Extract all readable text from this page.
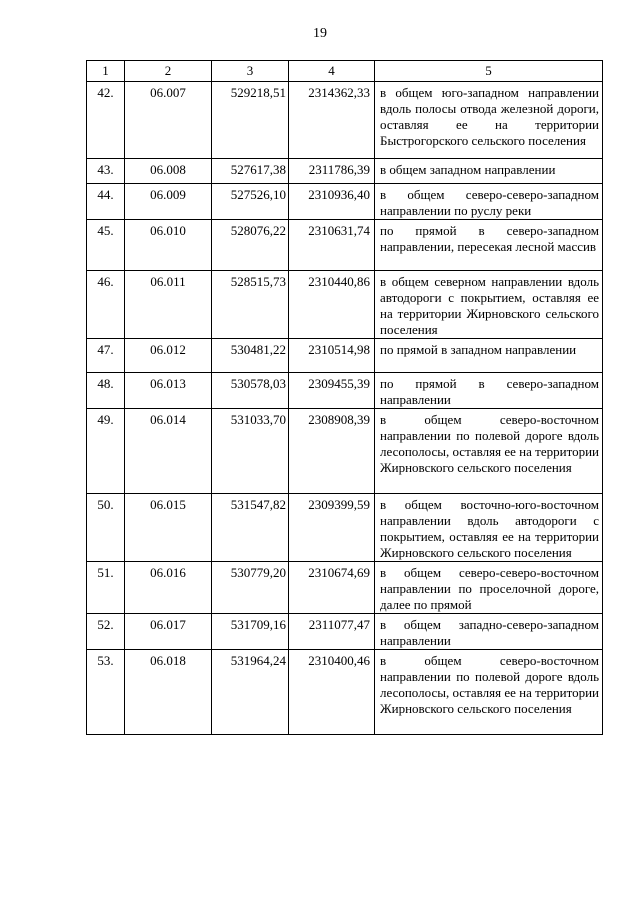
19
1	2	3	4	5
42.	06.007	529218,51	2314362,33	в общем юго-западном направлении вдоль полосы отвода железной дороги, оставляя ее на территории Быстрогорского сельского поселения
43.	06.008	527617,38	2311786,39	в общем западном направлении
44.	06.009	527526,10	2310936,40	в общем северо-северо-западном направлении по руслу реки
45.	06.010	528076,22	2310631,74	по прямой в северо-западном направлении, пересекая лесной массив
46.	06.011	528515,73	2310440,86	в общем северном направлении вдоль автодороги с покрытием, оставляя ее на территории Жирновского сельского поселения
47.	06.012	530481,22	2310514,98	по прямой в западном направлении
48.	06.013	530578,03	2309455,39	по прямой в северо-западном направлении
49.	06.014	531033,70	2308908,39	в общем северо-восточном направлении по полевой дороге вдоль лесополосы, оставляя ее на территории Жирновского сельского поселения
50.	06.015	531547,82	2309399,59	в общем восточно-юго-восточном направлении вдоль автодороги с покрытием, оставляя ее на территории Жирновского сельского поселения
51.	06.016	530779,20	2310674,69	в общем северо-северо-восточном направлении по проселочной дороге, далее по прямой
52.	06.017	531709,16	2311077,47	в общем западно-северо-западном направлении
53.	06.018	531964,24	2310400,46	в общем северо-восточном направлении по полевой дороге вдоль лесополосы, оставляя ее на территории Жирновского сельского поселения
